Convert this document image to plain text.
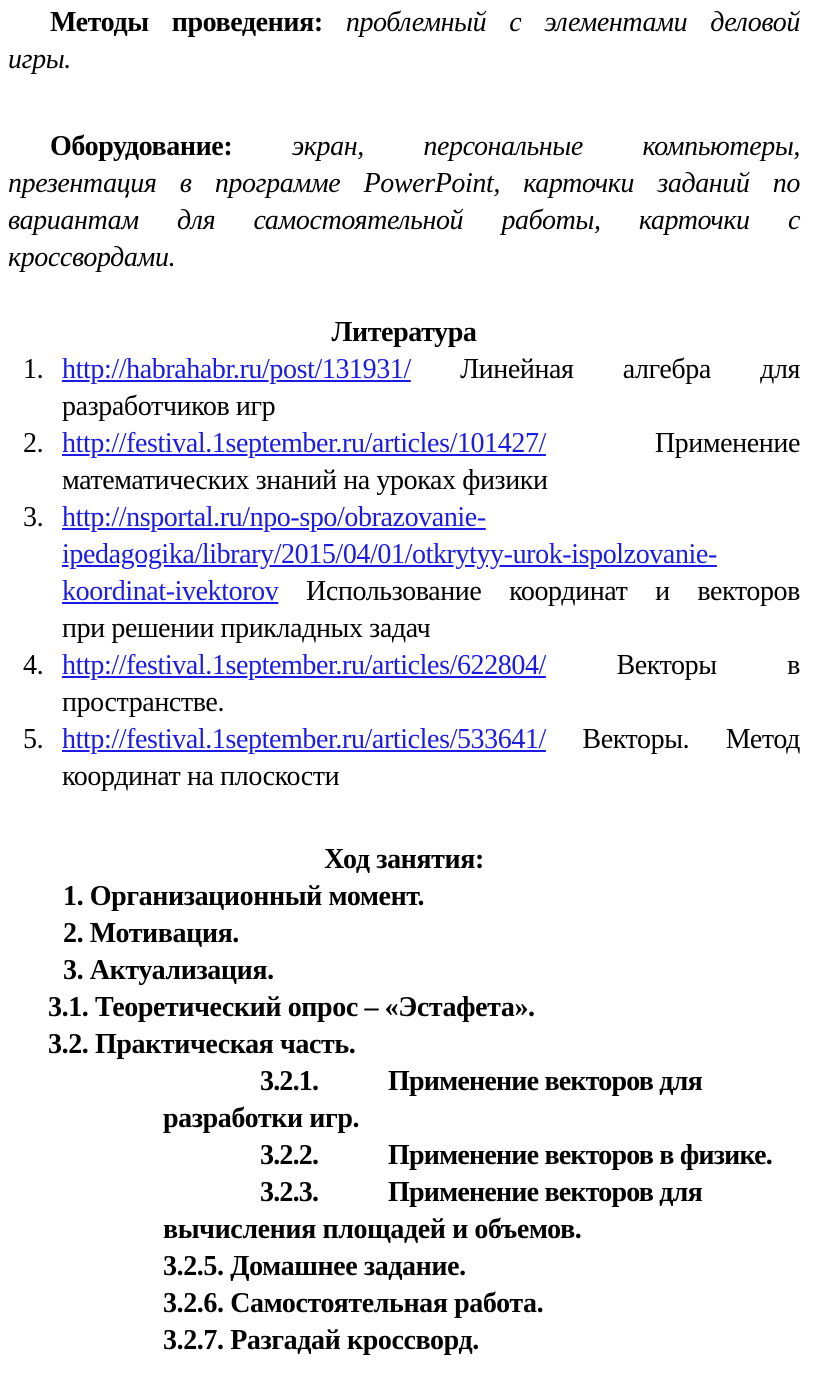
Методы проведения: проблемный с элементами деловой
игры.
Оборудование: экран, персональные компьютеры,
презентация в программе PowerPoint, карточки заданий по
вариантам для самостоятельной работы, карточки с
кроссвордами.
Литература
1. http://habrahabr.ru/post/131931/ Линейная алгебра для
разработчиков игр
2. http://festival.1september.ru/articles/101427/	Применение
математических знаний на уроках физики
3. http://nsportal.ru/npo-spo/obrazovanie-
ipedagogika/library/2015/04/01/otkrytyy-urok-ispolzovanie-
koordinat-ivektorov Использование координат и векторов
при решении прикладных задач
4. http://festival.1september.ru/articles/622804/	Векторы в
пространстве.
5. http://festival.1september.ru/articles/533641/ Векторы. Метод
координат на плоскости
Ход занятия:
1. Организационный момент.
2. Мотивация.
3. Актуализация.
3.1. Теоретический опрос – «Эстафета».
3.2. Практическая часть.
3.2.1. Применение векторов для
разработки игр.
3.2.2. Применение векторов в физике.
3.2.3. Применение векторов для
вычисления площадей и объемов.
3.2.5. Домашнее задание.
3.2.6. Самостоятельная работа.
3.2.7. Разгадай кроссворд.
